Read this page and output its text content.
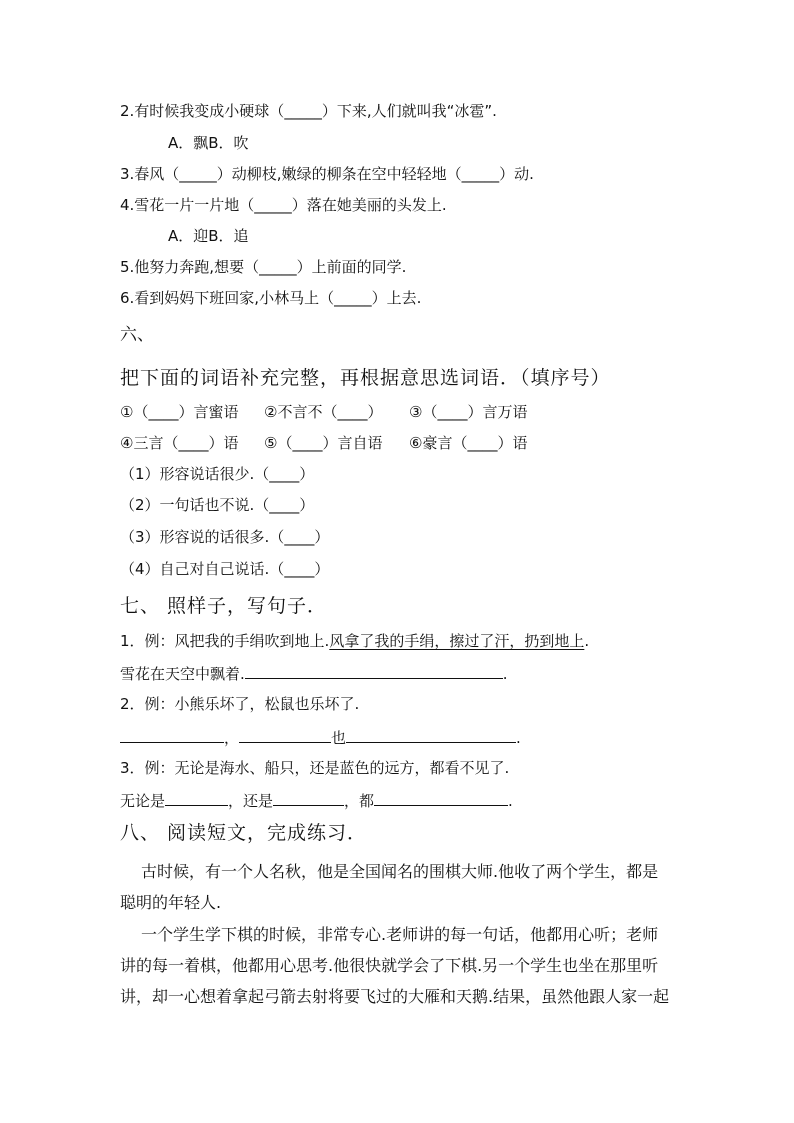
2.有时候我变成小硬球（_____）下来,人们就叫我“冰雹”.
A．飘B．吹
3.春风（_____）动柳枝,嫩绿的柳条在空中轻轻地（_____）动.
4.雪花一片一片地（_____）落在她美丽的头发上.
A．迎B．追
5.他努力奔跑,想要（_____）上前面的同学.
6.看到妈妈下班回家,小林马上（_____）上去.
六、
把下面的词语补充完整，再根据意思选词语．（填序号）
①（____）言蜜语 ②不言不（____） ③（____）言万语
④三言（____）语 ⑤（____）言自语 ⑥豪言（____）语
（1）形容说话很少.（____）
（2）一句话也不说.（____）
（3）形容说的话很多.（____）
（4）自己对自己说话.（____）
七、 照样子，写句子．
1．例：风把我的手绢吹到地上.风拿了我的手绢，擦过了汗，扔到地上.
雪花在天空中飘着.	.
2．例：小熊乐坏了，松鼠也乐坏了.
，	也	.
3．例：无论是海水、船只，还是蓝色的远方，都看不见了.
无论是	，还是	，都	.
八、 阅读短文，完成练习．
古时候，有一个人名秋，他是全国闻名的围棋大师.他收了两个学生，都是
聪明的年轻人.
一个学生学下棋的时候，非常专心.老师讲的每一句话，他都用心听；老师
讲的每一着棋，他都用心思考.他很快就学会了下棋.另一个学生也坐在那里听
讲，却一心想着拿起弓箭去射将要飞过的大雁和天鹅.结果，虽然他跟人家一起
